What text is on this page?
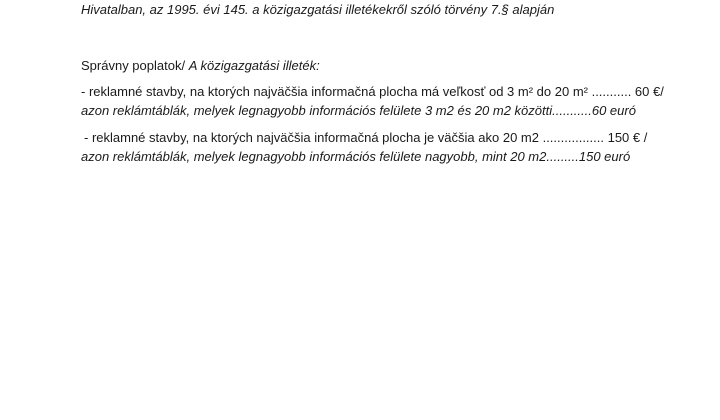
Hivatalban, az 1995. évi 145. a közigazgatási illetékekről szóló törvény 7.§ alapján
Správny poplatok/ A közigazgatási illeték:
- reklamné stavby, na ktorých najväčšia informačná plocha má veľkosť od 3 m² do 20 m² ........... 60 €/
azon reklámtáblák, melyek legnagyobb információs felülete 3 m2 és 20 m2 közötti...........60 euró
- reklamné stavby, na ktorých najväčšia informačná plocha je väčšia ako 20 m2 ................. 150 € /
azon reklámtáblák, melyek legnagyobb információs felülete nagyobb, mint 20 m2.........150 euró
